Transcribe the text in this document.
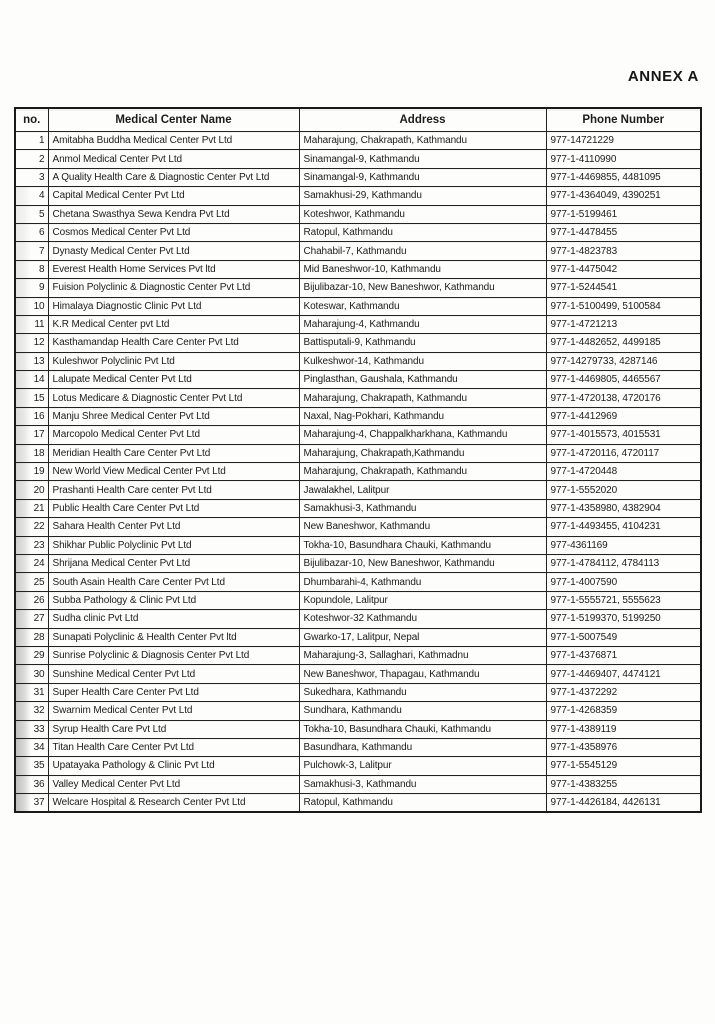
ANNEX A
no.	Medical Center Name	Address	Phone Number
1	Amitabha Buddha Medical Center Pvt Ltd	Maharajung, Chakrapath, Kathmandu	977-14721229
2	Anmol Medical Center Pvt Ltd	Sinamangal-9, Kathmandu	977-1-4110990
3	A Quality Health Care & Diagnostic Center Pvt Ltd	Sinamangal-9, Kathmandu	977-1-4469855, 4481095
4	Capital Medical Center Pvt Ltd	Samakhusi-29, Kathmandu	977-1-4364049, 4390251
5	Chetana Swasthya Sewa Kendra Pvt Ltd	Koteshwor, Kathmandu	977-1-5199461
6	Cosmos Medical Center Pvt Ltd	Ratopul, Kathmandu	977-1-4478455
7	Dynasty Medical Center Pvt Ltd	Chahabil-7, Kathmandu	977-1-4823783
8	Everest Health Home Services Pvt ltd	Mid Baneshwor-10, Kathmandu	977-1-4475042
9	Fuision Polyclinic & Diagnostic Center Pvt Ltd	Bijulibazar-10, New Baneshwor, Kathmandu	977-1-5244541
10	Himalaya Diagnostic Clinic Pvt Ltd	Koteswar, Kathmandu	977-1-5100499, 5100584
11	K.R Medical Center pvt Ltd	Maharajung-4, Kathmandu	977-1-4721213
12	Kasthamandap Health Care Center Pvt Ltd	Battisputali-9, Kathmandu	977-1-4482652, 4499185
13	Kuleshwor Polyclinic Pvt Ltd	Kulkeshwor-14, Kathmandu	977-14279733, 4287146
14	Lalupate Medical Center Pvt Ltd	Pinglasthan, Gaushala, Kathmandu	977-1-4469805, 4465567
15	Lotus Medicare & Diagnostic Center Pvt Ltd	Maharajung, Chakrapath, Kathmandu	977-1-4720138, 4720176
16	Manju Shree Medical Center Pvt Ltd	Naxal, Nag-Pokhari, Kathmandu	977-1-4412969
17	Marcopolo Medical Center Pvt Ltd	Maharajung-4, Chappalkharkhana, Kathmandu	977-1-4015573, 4015531
18	Meridian Health Care Center Pvt Ltd	Maharajung, Chakrapath,Kathmandu	977-1-4720116, 4720117
19	New World View Medical Center Pvt Ltd	Maharajung, Chakrapath, Kathmandu	977-1-4720448
20	Prashanti Health Care center Pvt Ltd	Jawalakhel, Lalitpur	977-1-5552020
21	Public Health Care Center Pvt Ltd	Samakhusi-3, Kathmandu	977-1-4358980, 4382904
22	Sahara Health Center Pvt Ltd	New Baneshwor, Kathmandu	977-1-4493455, 4104231
23	Shikhar Public Polyclinic Pvt Ltd	Tokha-10, Basundhara Chauki, Kathmandu	977-4361169
24	Shrijana Medical Center Pvt Ltd	Bijulibazar-10, New Baneshwor, Kathmandu	977-1-4784112, 4784113
25	South Asain Health Care Center Pvt Ltd	Dhumbarahi-4, Kathmandu	977-1-4007590
26	Subba Pathology & Clinic Pvt Ltd	Kopundole, Lalitpur	977-1-5555721, 5555623
27	Sudha clinic Pvt Ltd	Koteshwor-32 Kathmandu	977-1-5199370, 5199250
28	Sunapati Polyclinic & Health Center Pvt ltd	Gwarko-17, Lalitpur, Nepal	977-1-5007549
29	Sunrise Polyclinic & Diagnosis Center Pvt Ltd	Maharajung-3, Sallaghari, Kathmadnu	977-1-4376871
30	Sunshine Medical Center Pvt Ltd	New Baneshwor, Thapagau, Kathmandu	977-1-4469407, 4474121
31	Super Health Care Center Pvt Ltd	Sukedhara, Kathmandu	977-1-4372292
32	Swarnim Medical Center Pvt Ltd	Sundhara, Kathmandu	977-1-4268359
33	Syrup Health Care Pvt Ltd	Tokha-10, Basundhara Chauki, Kathmandu	977-1-4389119
34	Titan Health Care Center Pvt Ltd	Basundhara, Kathmandu	977-1-4358976
35	Upatayaka Pathology & Clinic Pvt Ltd	Pulchowk-3, Lalitpur	977-1-5545129
36	Valley Medical Center Pvt Ltd	Samakhusi-3, Kathmandu	977-1-4383255
37	Welcare Hospital & Research Center Pvt Ltd	Ratopul, Kathmandu	977-1-4426184, 4426131
